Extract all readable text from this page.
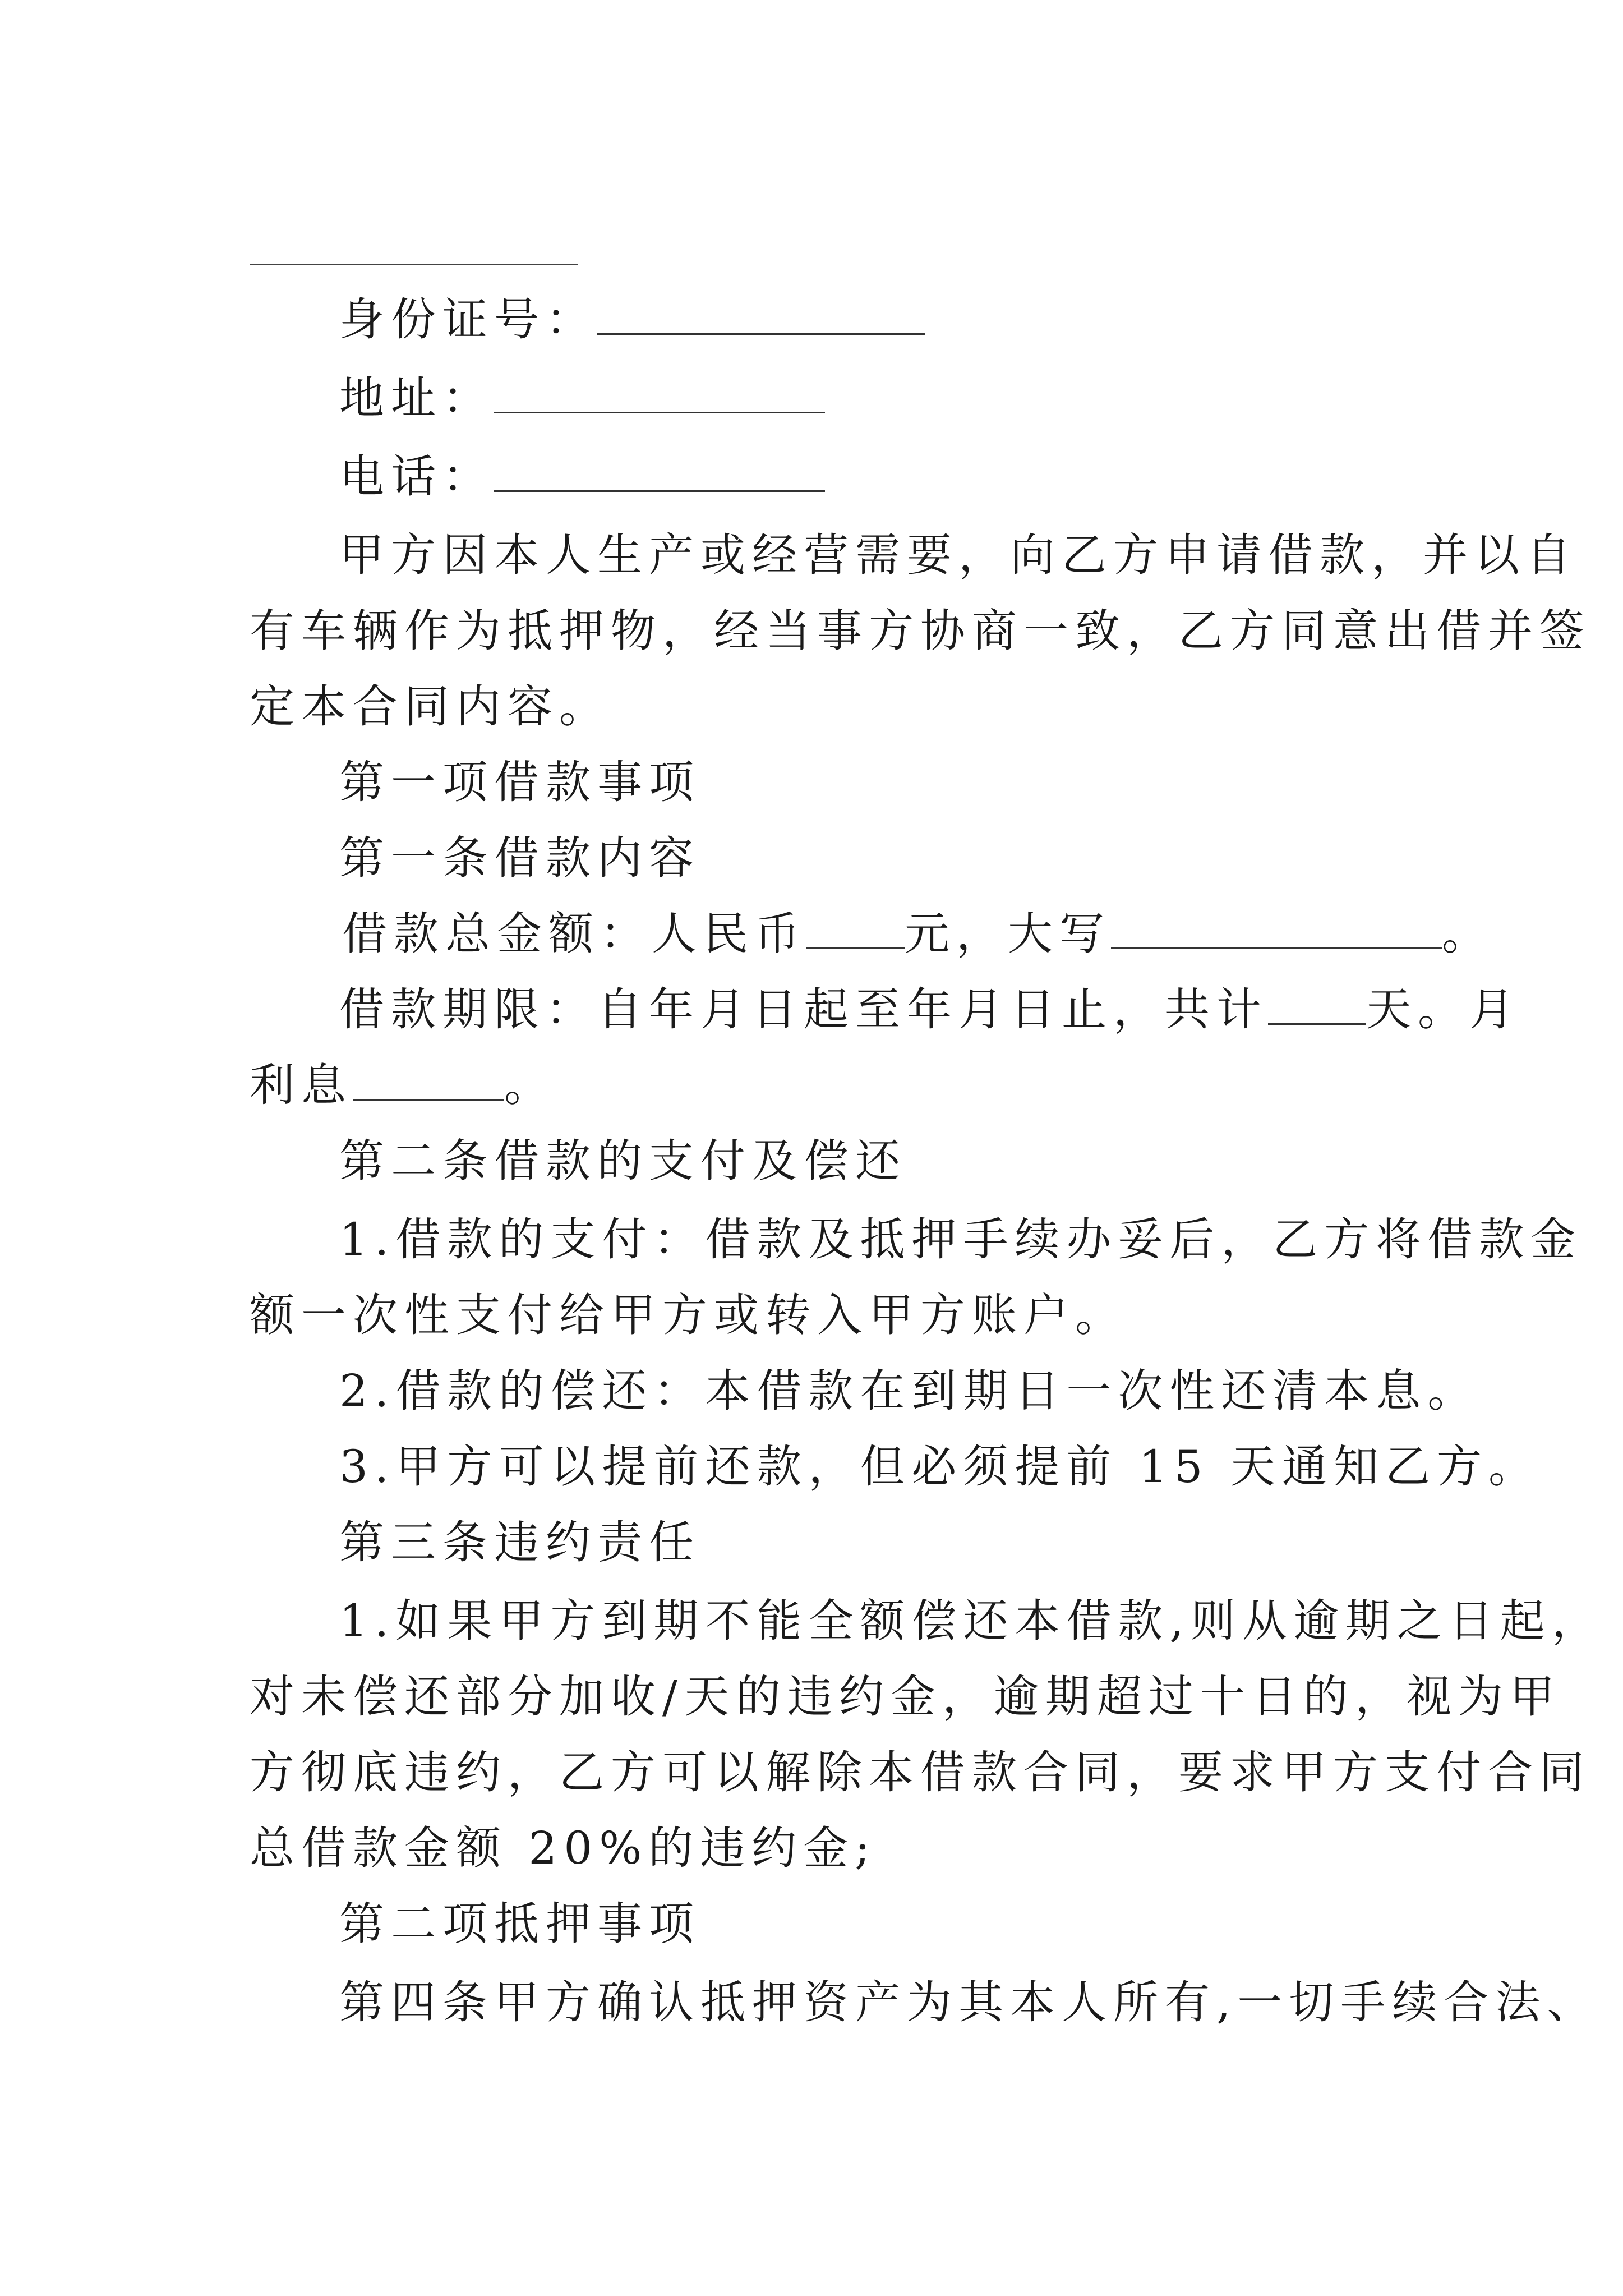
身份证号：
地址：
电话：
甲方因本人生产或经营需要，向乙方申请借款，并以自
有车辆作为抵押物，经当事方协商一致，乙方同意出借并签
定本合同内容。
第一项借款事项
第一条借款内容
借款总金额：人民币 元，大写	。
借款期限：自年月日起至年月日止，共计 天。月
利息	。
第二条借款的支付及偿还
1.借款的支付：借款及抵押手续办妥后，乙方将借款金
额一次性支付给甲方或转入甲方账户。
2.借款的偿还：本借款在到期日一次性还清本息。
3.甲方可以提前还款，但必须提前 15 天通知乙方。
第三条违约责任
1.如果甲方到期不能全额偿还本借款,则从逾期之日起，
对未偿还部分加收/天的违约金，逾期超过十日的，视为甲
方彻底违约，乙方可以解除本借款合同，要求甲方支付合同
总借款金额 20%的违约金;
第二项抵押事项
第四条甲方确认抵押资产为其本人所有,一切手续合法、
